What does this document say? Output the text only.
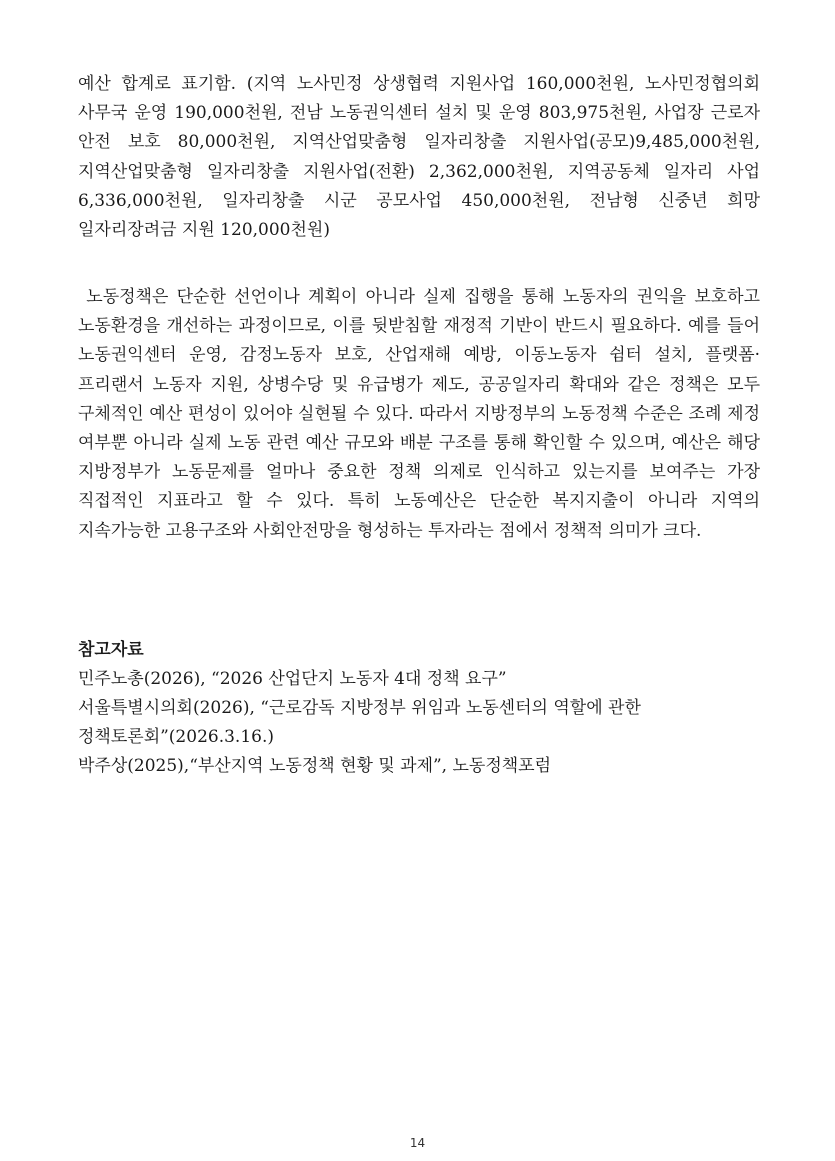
예산 합계로 표기함. (지역 노사민정 상생협력 지원사업 160,000천원, 노사민정협의회 사무국 운영 190,000천원, 전남 노동권익센터 설치 및 운영 803,975천원, 사업장 근로자 안전 보호 80,000천원, 지역산업맞춤형 일자리창출 지원사업(공모)9,485,000천원, 지역산업맞춤형 일자리창출 지원사업(전환) 2,362,000천원, 지역공동체 일자리 사업 6,336,000천원, 일자리창출 시군 공모사업 450,000천원, 전남형 신중년 희망 일자리장려금 지원 120,000천원)

노동정책은 단순한 선언이나 계획이 아니라 실제 집행을 통해 노동자의 권익을 보호하고 노동환경을 개선하는 과정이므로, 이를 뒷받침할 재정적 기반이 반드시 필요하다. 예를 들어 노동권익센터 운영, 감정노동자 보호, 산업재해 예방, 이동노동자 쉼터 설치, 플랫폼·프리랜서 노동자 지원, 상병수당 및 유급병가 제도, 공공일자리 확대와 같은 정책은 모두 구체적인 예산 편성이 있어야 실현될 수 있다. 따라서 지방정부의 노동정책 수준은 조례 제정 여부뿐 아니라 실제 노동 관련 예산 규모와 배분 구조를 통해 확인할 수 있으며, 예산은 해당 지방정부가 노동문제를 얼마나 중요한 정책 의제로 인식하고 있는지를 보여주는 가장 직접적인 지표라고 할 수 있다. 특히 노동예산은 단순한 복지지출이 아니라 지역의 지속가능한 고용구조와 사회안전망을 형성하는 투자라는 점에서 정책적 의미가 크다.

참고자료
민주노총(2026), “2026 산업단지 노동자 4대 정책 요구”
서울특별시의회(2026), “근로감독 지방정부 위임과 노동센터의 역할에 관한 정책토론회”(2026.3.16.)
박주상(2025),“부산지역 노동정책 현황 및 과제”, 노동정책포럼
14
